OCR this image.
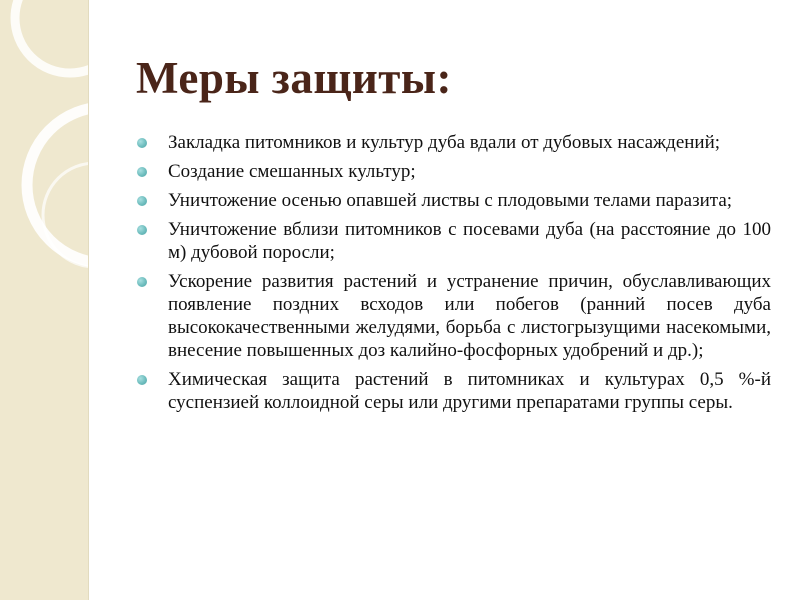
Меры защиты:
Закладка питомников и культур дуба вдали от дубовых насаждений;
Создание смешанных культур;
Уничтожение осенью опавшей листвы с плодовыми телами паразита;
Уничтожение вблизи питомников с посевами дуба (на расстояние до 100 м) дубовой поросли;
Ускорение развития растений и устранение причин, обуславливающих появление поздних всходов или побегов (ранний посев дуба высококачественными желудями, борьба с листогрызущими насекомыми, внесение повышенных доз калийно-фосфорных удобрений и др.);
Химическая защита растений в питомниках и культурах 0,5 %-й суспензией коллоидной серы или другими препаратами группы серы.
